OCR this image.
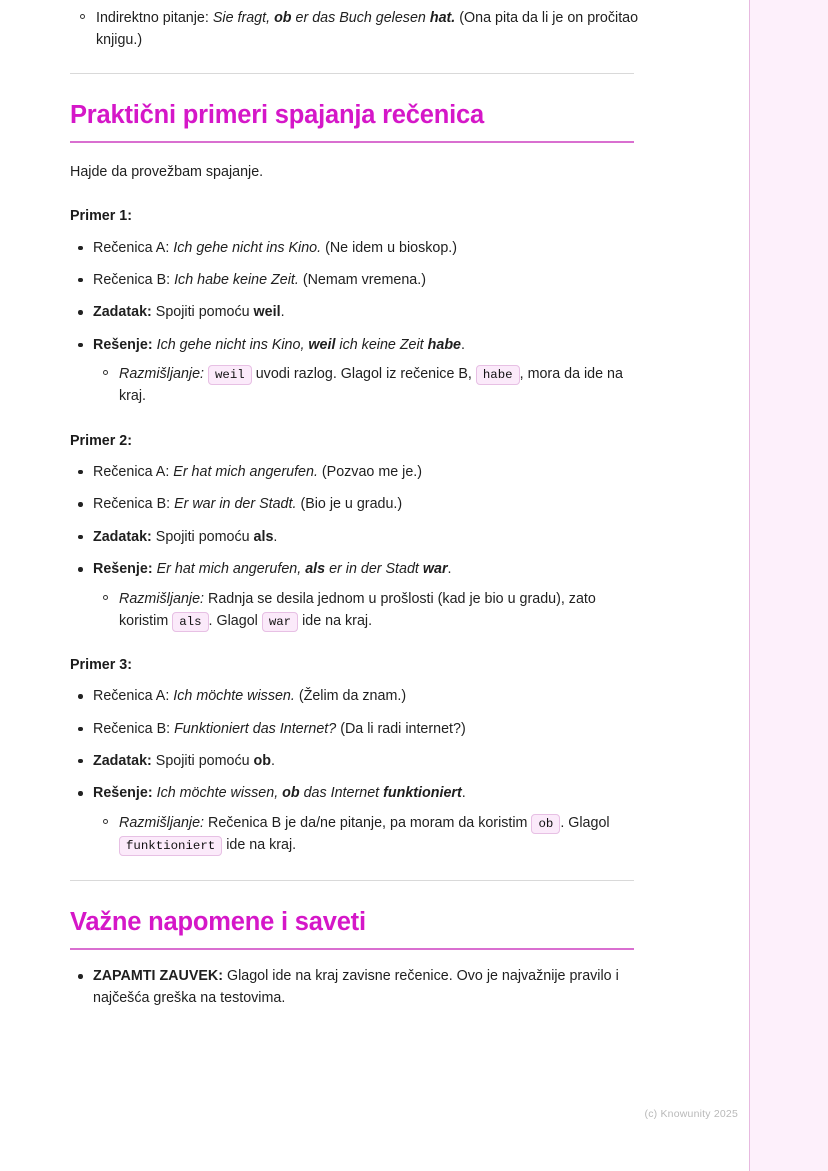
Indirektno pitanje: Sie fragt, ob er das Buch gelesen hat. (Ona pita da li je on pročitao knjigu.)
Praktični primeri spajanja rečenica

Hajde da provežbam spajanje.

Primer 1:

Rečenica A: Ich gehe nicht ins Kino. (Ne idem u bioskop.)
Rečenica B: Ich habe keine Zeit. (Nemam vremena.)
Zadatak: Spojiti pomoću weil.
Rešenje: Ich gehe nicht ins Kino, weil ich keine Zeit habe.
Razmišljanje: weil uvodi razlog. Glagol iz rečenice B, habe , mora da ide na kraj.

Primer 2:

Rečenica A: Er hat mich angerufen. (Pozvao me je.)
Rečenica B: Er war in der Stadt. (Bio je u gradu.)
Zadatak: Spojiti pomoću als.
Rešenje: Er hat mich angerufen, als er in der Stadt war.
Razmišljanje: Radnja se desila jednom u prošlosti (kad je bio u gradu), zato koristim als . Glagol war ide na kraj.

Primer 3:

Rečenica A: Ich möchte wissen. (Želim da znam.)
Rečenica B: Funktioniert das Internet? (Da li radi internet?)
Zadatak: Spojiti pomoću ob.
Rešenje: Ich möchte wissen, ob das Internet funktioniert.
Razmišljanje: Rečenica B je da/ne pitanje, pa moram da koristim ob . Glagol funktioniert ide na kraj.
Važne napomene i saveti
ZAPAMTI ZAUVEK: Glagol ide na kraj zavisne rečenice. Ovo je najvažnije pravilo i najčešća greška na testovima.
(c) Knowunity 2025
